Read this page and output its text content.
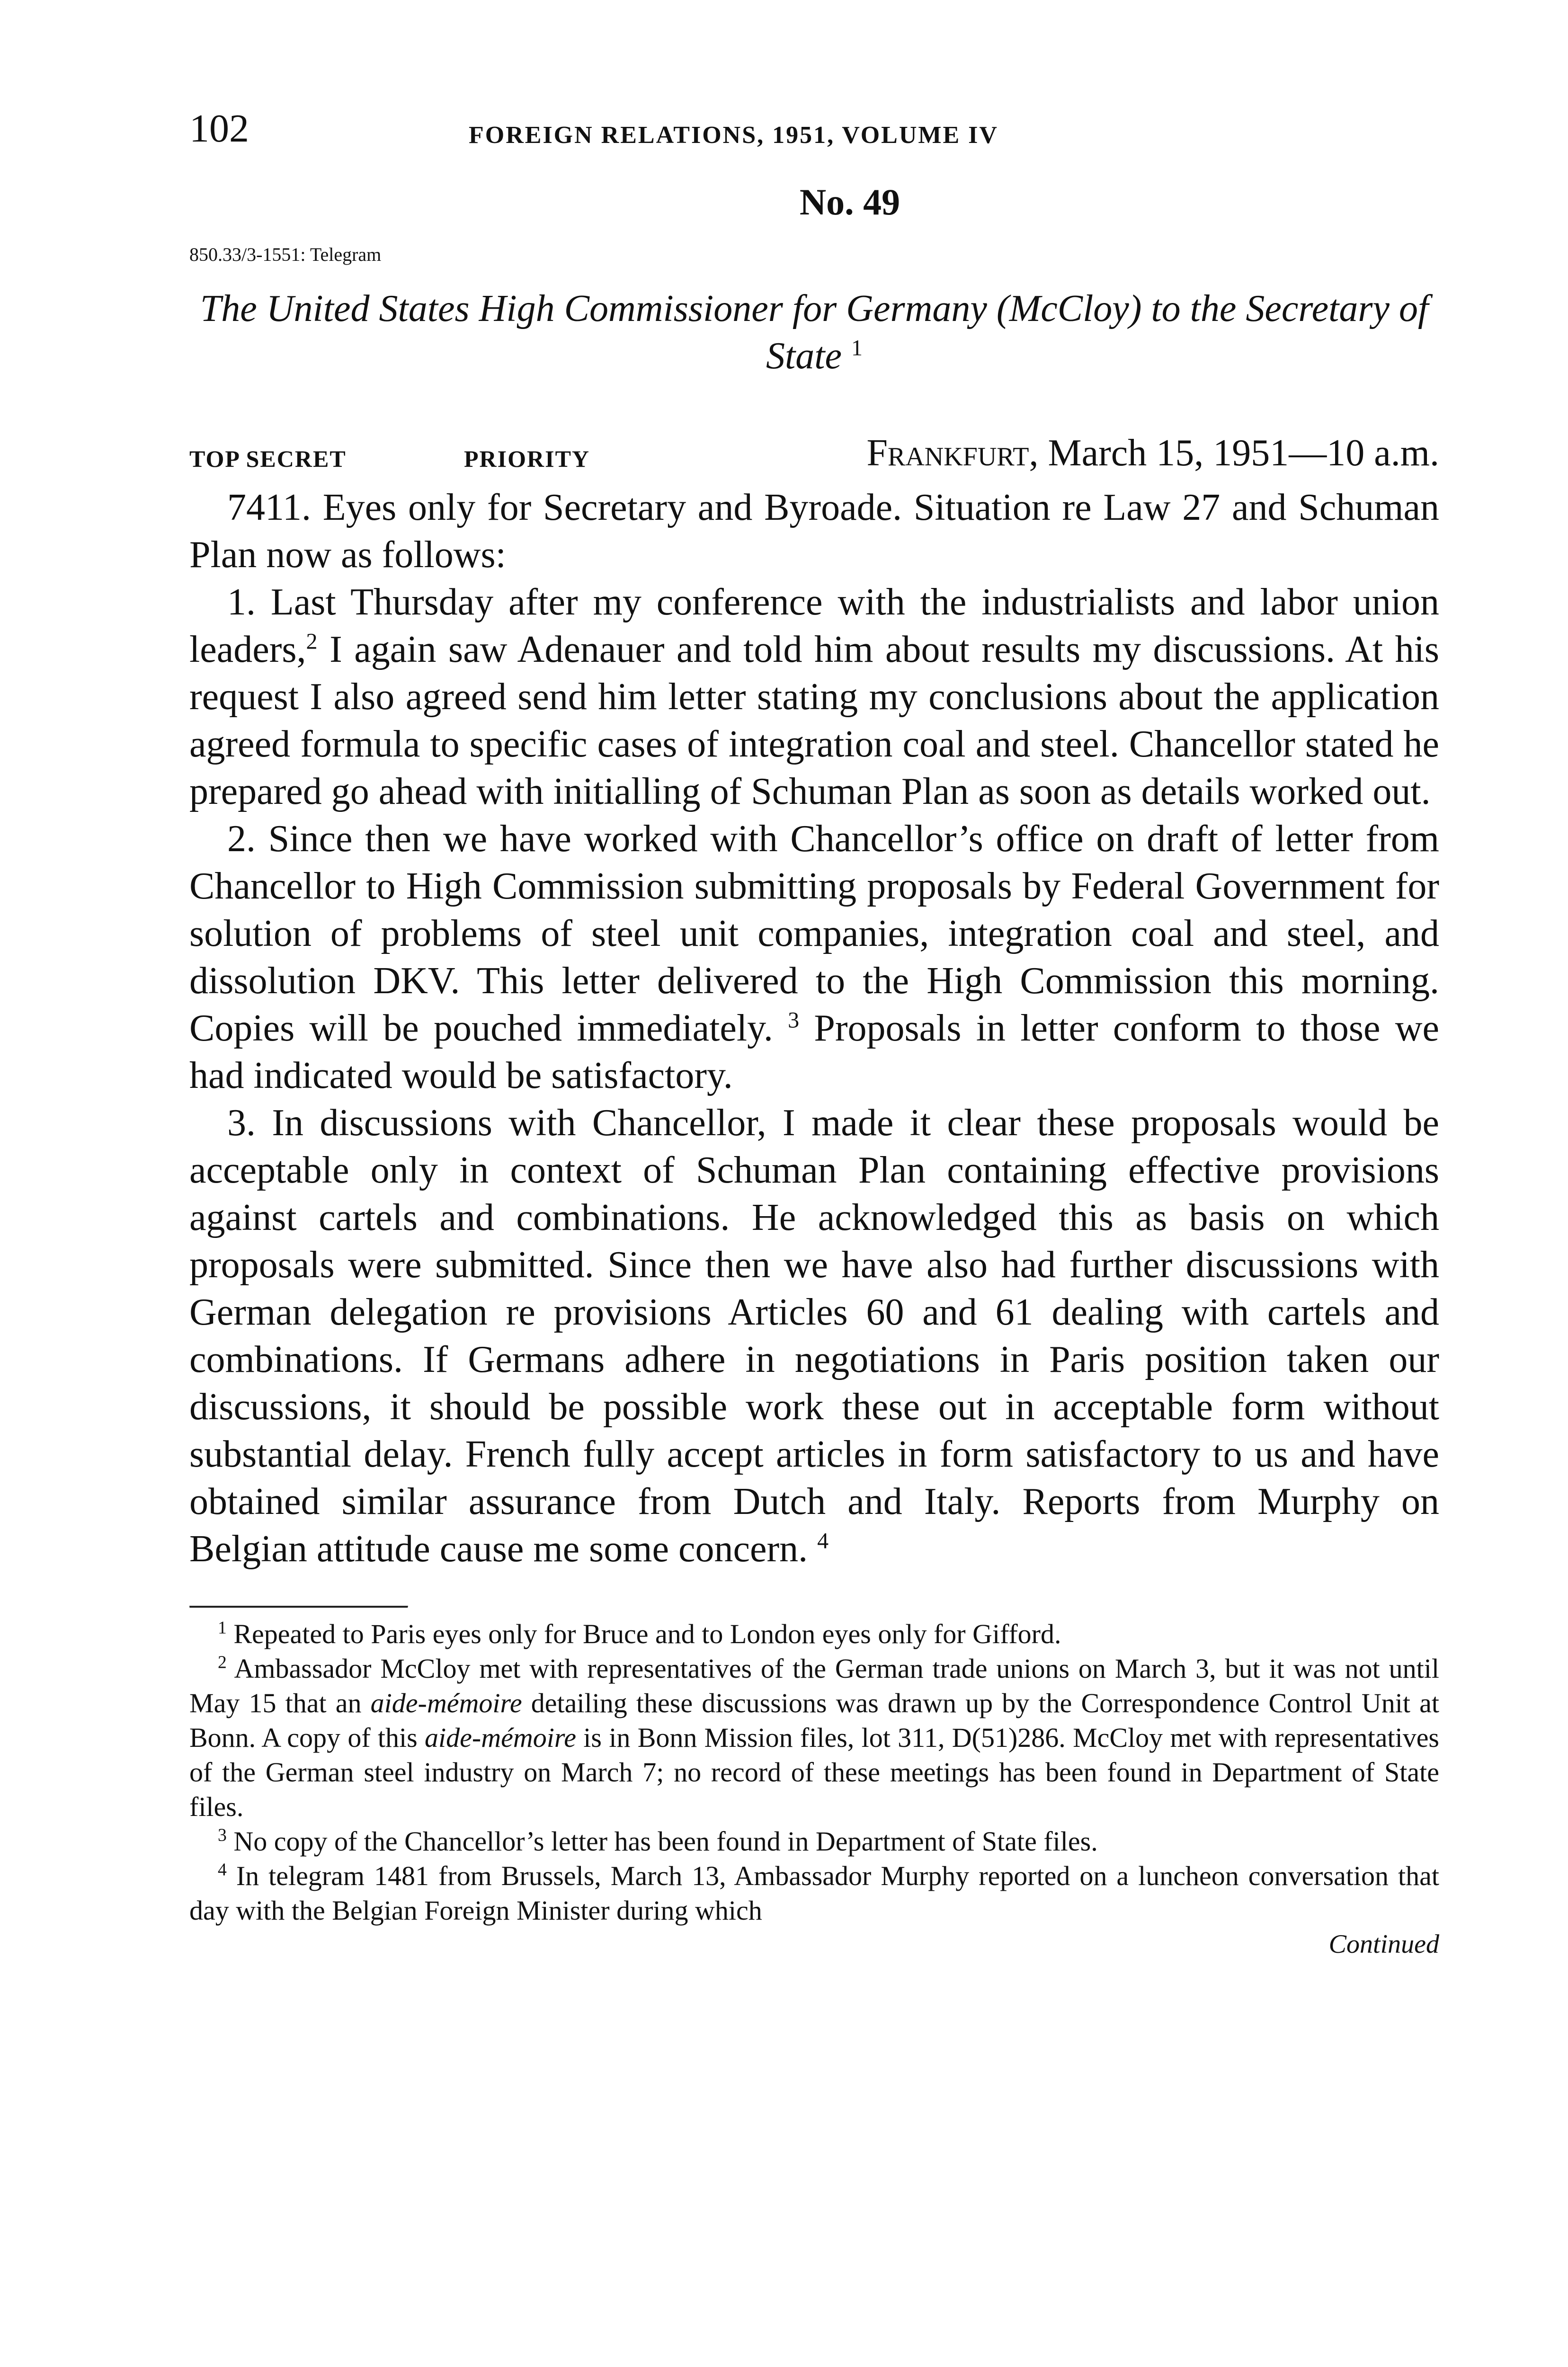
102	FOREIGN RELATIONS, 1951, VOLUME IV
No. 49
850.33/3-1551: Telegram
The United States High Commissioner for Germany (McCloy) to the Secretary of State $^1$
TOP SECRET	PRIORITY	Frankfurt, March 15, 1951—10 a.m.

7411. Eyes only for Secretary and Byroade. Situation re Law 27 and Schuman Plan now as follows:

1. Last Thursday after my conference with the industrialists and labor union leaders,$^2$ I again saw Adenauer and told him about results my discussions. At his request I also agreed send him letter stating my conclusions about the application agreed formula to specific cases of integration coal and steel. Chancellor stated he prepared go ahead with initialling of Schuman Plan as soon as details worked out.

2. Since then we have worked with Chancellor’s office on draft of letter from Chancellor to High Commission submitting proposals by Federal Government for solution of problems of steel unit companies, integration coal and steel, and dissolution DKV. This letter delivered to the High Commission this morning. Copies will be pouched immediately. $^3$ Proposals in letter conform to those we had indicated would be satisfactory.

3. In discussions with Chancellor, I made it clear these proposals would be acceptable only in context of Schuman Plan containing effective provisions against cartels and combinations. He acknowledged this as basis on which proposals were submitted. Since then we have also had further discussions with German delegation re provisions Articles 60 and 61 dealing with cartels and combinations. If Germans adhere in negotiations in Paris position taken our discussions, it should be possible work these out in acceptable form without substantial delay. French fully accept articles in form satisfactory to us and have obtained similar assurance from Dutch and Italy. Reports from Murphy on Belgian attitude cause me some concern. $^4$

$^1$ Repeated to Paris eyes only for Bruce and to London eyes only for Gifford.

$^2$ Ambassador McCloy met with representatives of the German trade unions on March 3, but it was not until May 15 that an aide-mémoire detailing these discussions was drawn up by the Correspondence Control Unit at Bonn. A copy of this aide-mémoire is in Bonn Mission files, lot 311, D(51)286. McCloy met with representatives of the German steel industry on March 7; no record of these meetings has been found in Department of State files.

$^3$ No copy of the Chancellor’s letter has been found in Department of State files.

$^4$ In telegram 1481 from Brussels, March 13, Ambassador Murphy reported on a luncheon conversation that day with the Belgian Foreign Minister during which

Continued
